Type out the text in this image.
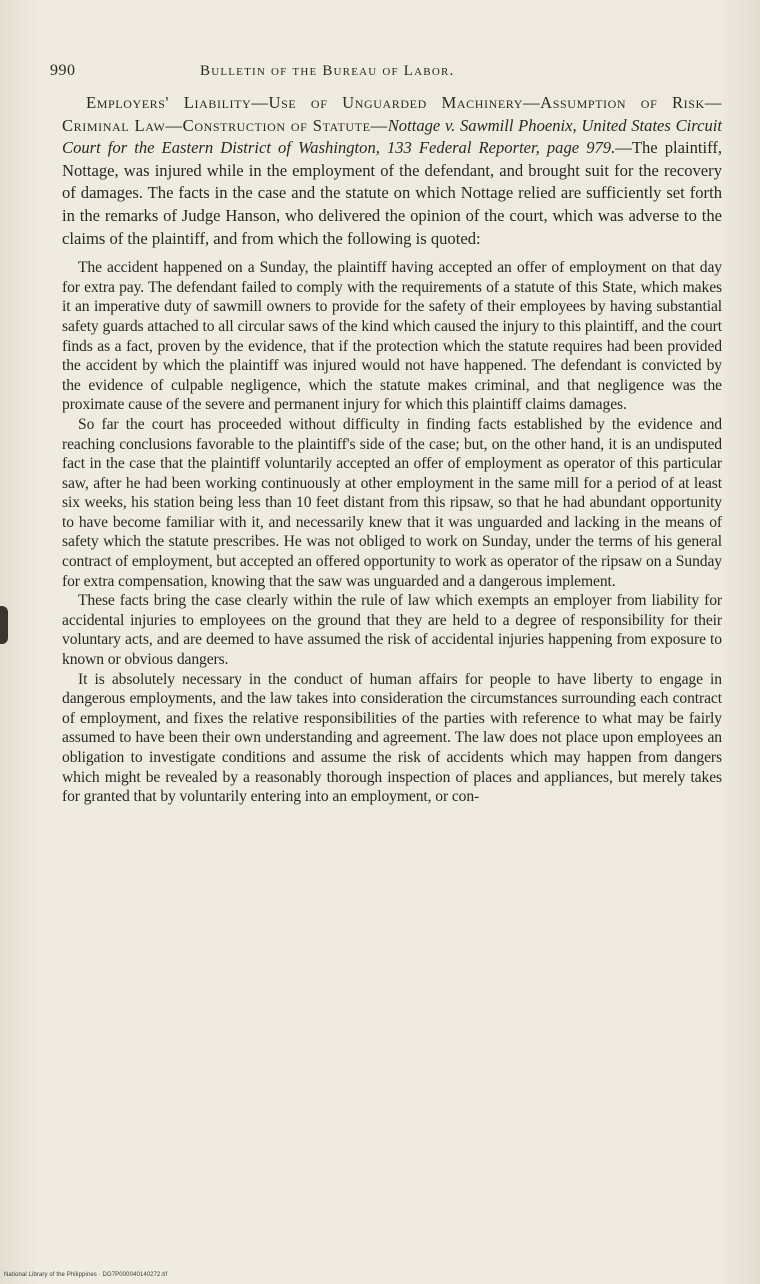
990	Bulletin of the Bureau of Labor.

Employers' Liability—Use of Unguarded Machinery—Assumption of Risk—Criminal Law—Construction of Statute—Nottage v. Sawmill Phoenix, United States Circuit Court for the Eastern District of Washington, 133 Federal Reporter, page 979.—The plaintiff, Nottage, was injured while in the employment of the defendant, and brought suit for the recovery of damages. The facts in the case and the statute on which Nottage relied are sufficiently set forth in the remarks of Judge Hanson, who delivered the opinion of the court, which was adverse to the claims of the plaintiff, and from which the following is quoted:

The accident happened on a Sunday, the plaintiff having accepted an offer of employment on that day for extra pay. The defendant failed to comply with the requirements of a statute of this State, which makes it an imperative duty of sawmill owners to provide for the safety of their employees by having substantial safety guards attached to all circular saws of the kind which caused the injury to this plaintiff, and the court finds as a fact, proven by the evidence, that if the protection which the statute requires had been provided the accident by which the plaintiff was injured would not have happened. The defendant is convicted by the evidence of culpable negligence, which the statute makes criminal, and that negligence was the proximate cause of the severe and permanent injury for which this plaintiff claims damages.

So far the court has proceeded without difficulty in finding facts established by the evidence and reaching conclusions favorable to the plaintiff's side of the case; but, on the other hand, it is an undisputed fact in the case that the plaintiff voluntarily accepted an offer of employment as operator of this particular saw, after he had been working continuously at other employment in the same mill for a period of at least six weeks, his station being less than 10 feet distant from this ripsaw, so that he had abundant opportunity to have become familiar with it, and necessarily knew that it was unguarded and lacking in the means of safety which the statute prescribes. He was not obliged to work on Sunday, under the terms of his general contract of employment, but accepted an offered opportunity to work as operator of the ripsaw on a Sunday for extra compensation, knowing that the saw was unguarded and a dangerous implement.

These facts bring the case clearly within the rule of law which exempts an employer from liability for accidental injuries to employees on the ground that they are held to a degree of responsibility for their voluntary acts, and are deemed to have assumed the risk of accidental injuries happening from exposure to known or obvious dangers.

It is absolutely necessary in the conduct of human affairs for people to have liberty to engage in dangerous employments, and the law takes into consideration the circumstances surrounding each contract of employment, and fixes the relative responsibilities of the parties with reference to what may be fairly assumed to have been their own understanding and agreement. The law does not place upon employees an obligation to investigate conditions and assume the risk of accidents which may happen from dangers which might be revealed by a reasonably thorough inspection of places and appliances, but merely takes for granted that by voluntarily entering into an employment, or con-

National Library of the Philippines · DG7P000040140272.tif
